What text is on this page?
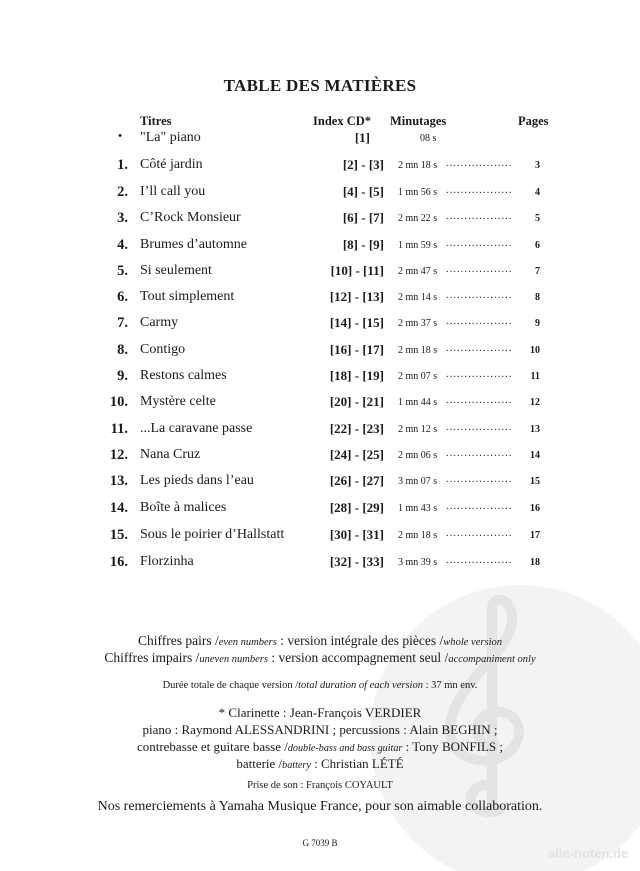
alle-noten.de
TABLE DES MATIÈRES
Titres	Index CD* Minutages	Pages
• "La" piano	[1]	08 s
1. Côté jardin	[2] - [3] 2 mn 18 s ..................	3
2. I’ll call you	[4] - [5] 1 mn 56 s ..................	4
3. C’Rock Monsieur	[6] - [7] 2 mn 22 s ..................	5
4. Brumes d’automne	[8] - [9] 1 mn 59 s ..................	6
5. Si seulement	[10] - [11] 2 mn 47 s ..................	7
6. Tout simplement	[12] - [13] 2 mn 14 s ..................	8
7. Carmy	[14] - [15] 2 mn 37 s ..................	9
8. Contigo	[16] - [17] 2 mn 18 s ..................	10
9. Restons calmes	[18] - [19] 2 mn 07 s ..................	11
10. Mystère celte	[20] - [21] 1 mn 44 s ..................	12
11. ...La caravane passe	[22] - [23] 2 mn 12 s ..................	13
12. Nana Cruz	[24] - [25] 2 mn 06 s ..................	14
13. Les pieds dans l’eau	[26] - [27] 3 mn 07 s ..................	15
14. Boîte à malices	[28] - [29] 1 mn 43 s ..................	16
15. Sous le poirier d’Hallstatt	[30] - [31] 2 mn 18 s ..................	17
16. Florzinha	[32] - [33] 3 mn 39 s ..................	18
Chiffres pairs /even numbers : version intégrale des pièces /whole version
Chiffres impairs /uneven numbers : version accompagnement seul /accompaniment only
Durée totale de chaque version /total duration of each version : 37 mn env.
* Clarinette : Jean-François VERDIER
piano : Raymond ALESSANDRINI ; percussions : Alain BEGHIN ;
contrebasse et guitare basse /double-bass and bass guitar : Tony BONFILS ;
batterie /battery : Christian LÉTÉ
Prise de son : François COYAULT
Nos remerciements à Yamaha Musique France, pour son aimable collaboration.
G 7039 B
